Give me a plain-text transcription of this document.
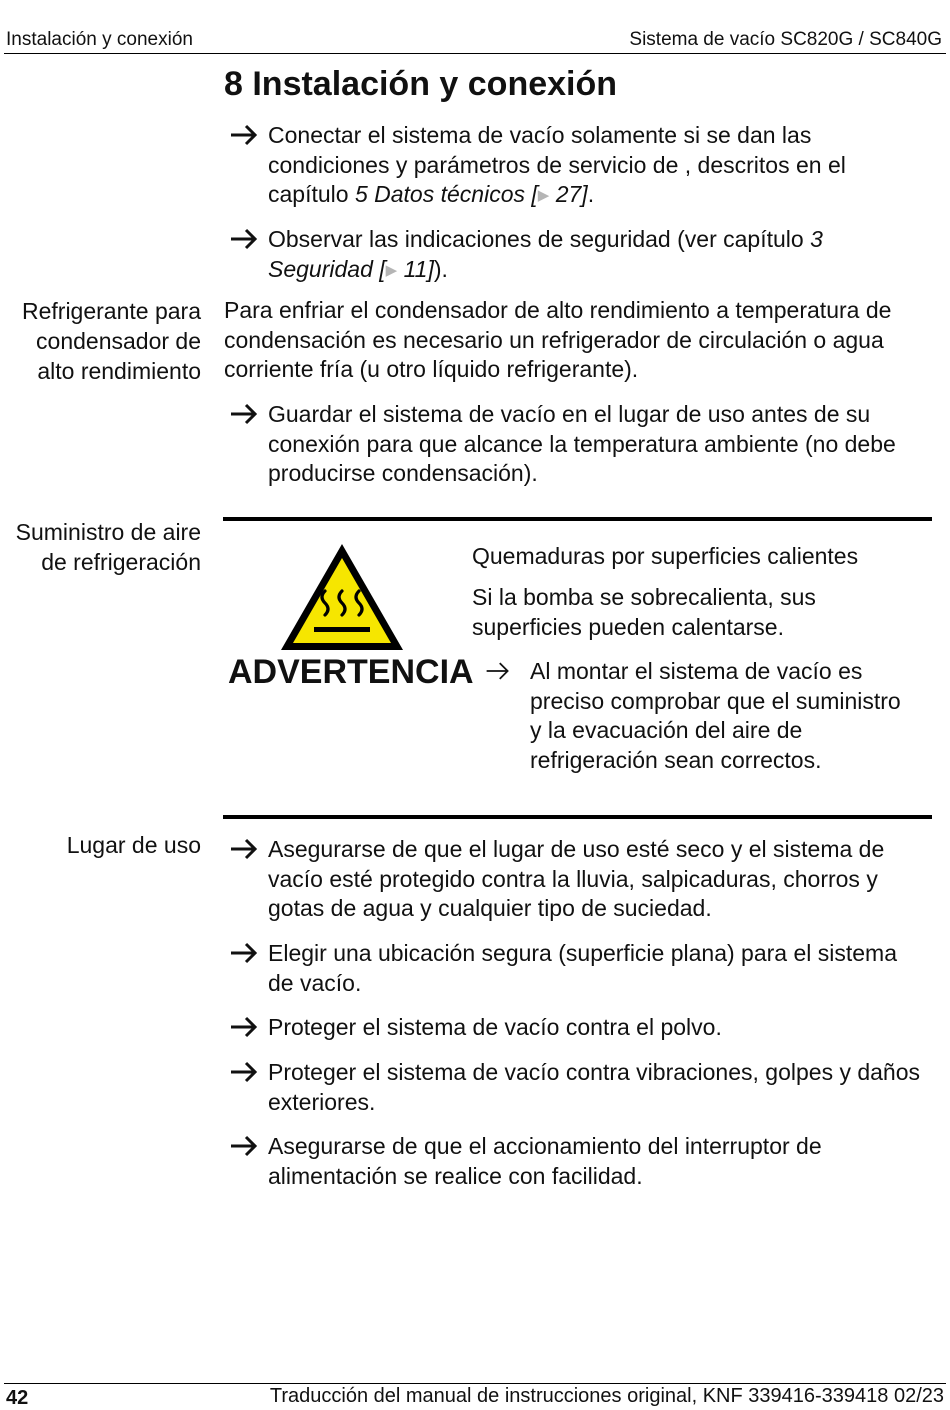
Instalación y conexión	Sistema de vacío SC820G / SC840G
8 Instalación y conexión
Conectar el sistema de vacío solamente si se dan las condiciones y parámetros de servicio de , descritos en el capítulo 5 Datos técnicos [▶ 27].
Observar las indicaciones de seguridad (ver capítulo 3 Seguridad [▶ 11]).
Refrigerante para condensador de alto rendimiento
Para enfriar el condensador de alto rendimiento a temperatura de condensación es necesario un refrigerador de circulación o agua corriente fría (u otro líquido refrigerante).
Guardar el sistema de vacío en el lugar de uso antes de su conexión para que alcance la temperatura ambiente (no debe producirse condensación).
Suministro de aire de refrigeración
ADVERTENCIA
Quemaduras por superficies calientes
Si la bomba se sobrecalienta, sus superficies pueden calentarse.
Al montar el sistema de vacío es preciso comprobar que el suministro y la evacuación del aire de refrigeración sean correctos.
Lugar de uso	Asegurarse de que el lugar de uso esté seco y el sistema de vacío esté protegido contra la lluvia, salpicaduras, chorros y gotas de agua y cualquier tipo de suciedad.
Elegir una ubicación segura (superficie plana) para el sistema de vacío.
Proteger el sistema de vacío contra el polvo.
Proteger el sistema de vacío contra vibraciones, golpes y daños exteriores.
Asegurarse de que el accionamiento del interruptor de alimentación se realice con facilidad.
42	Traducción del manual de instrucciones original, KNF 339416-339418 02/23
